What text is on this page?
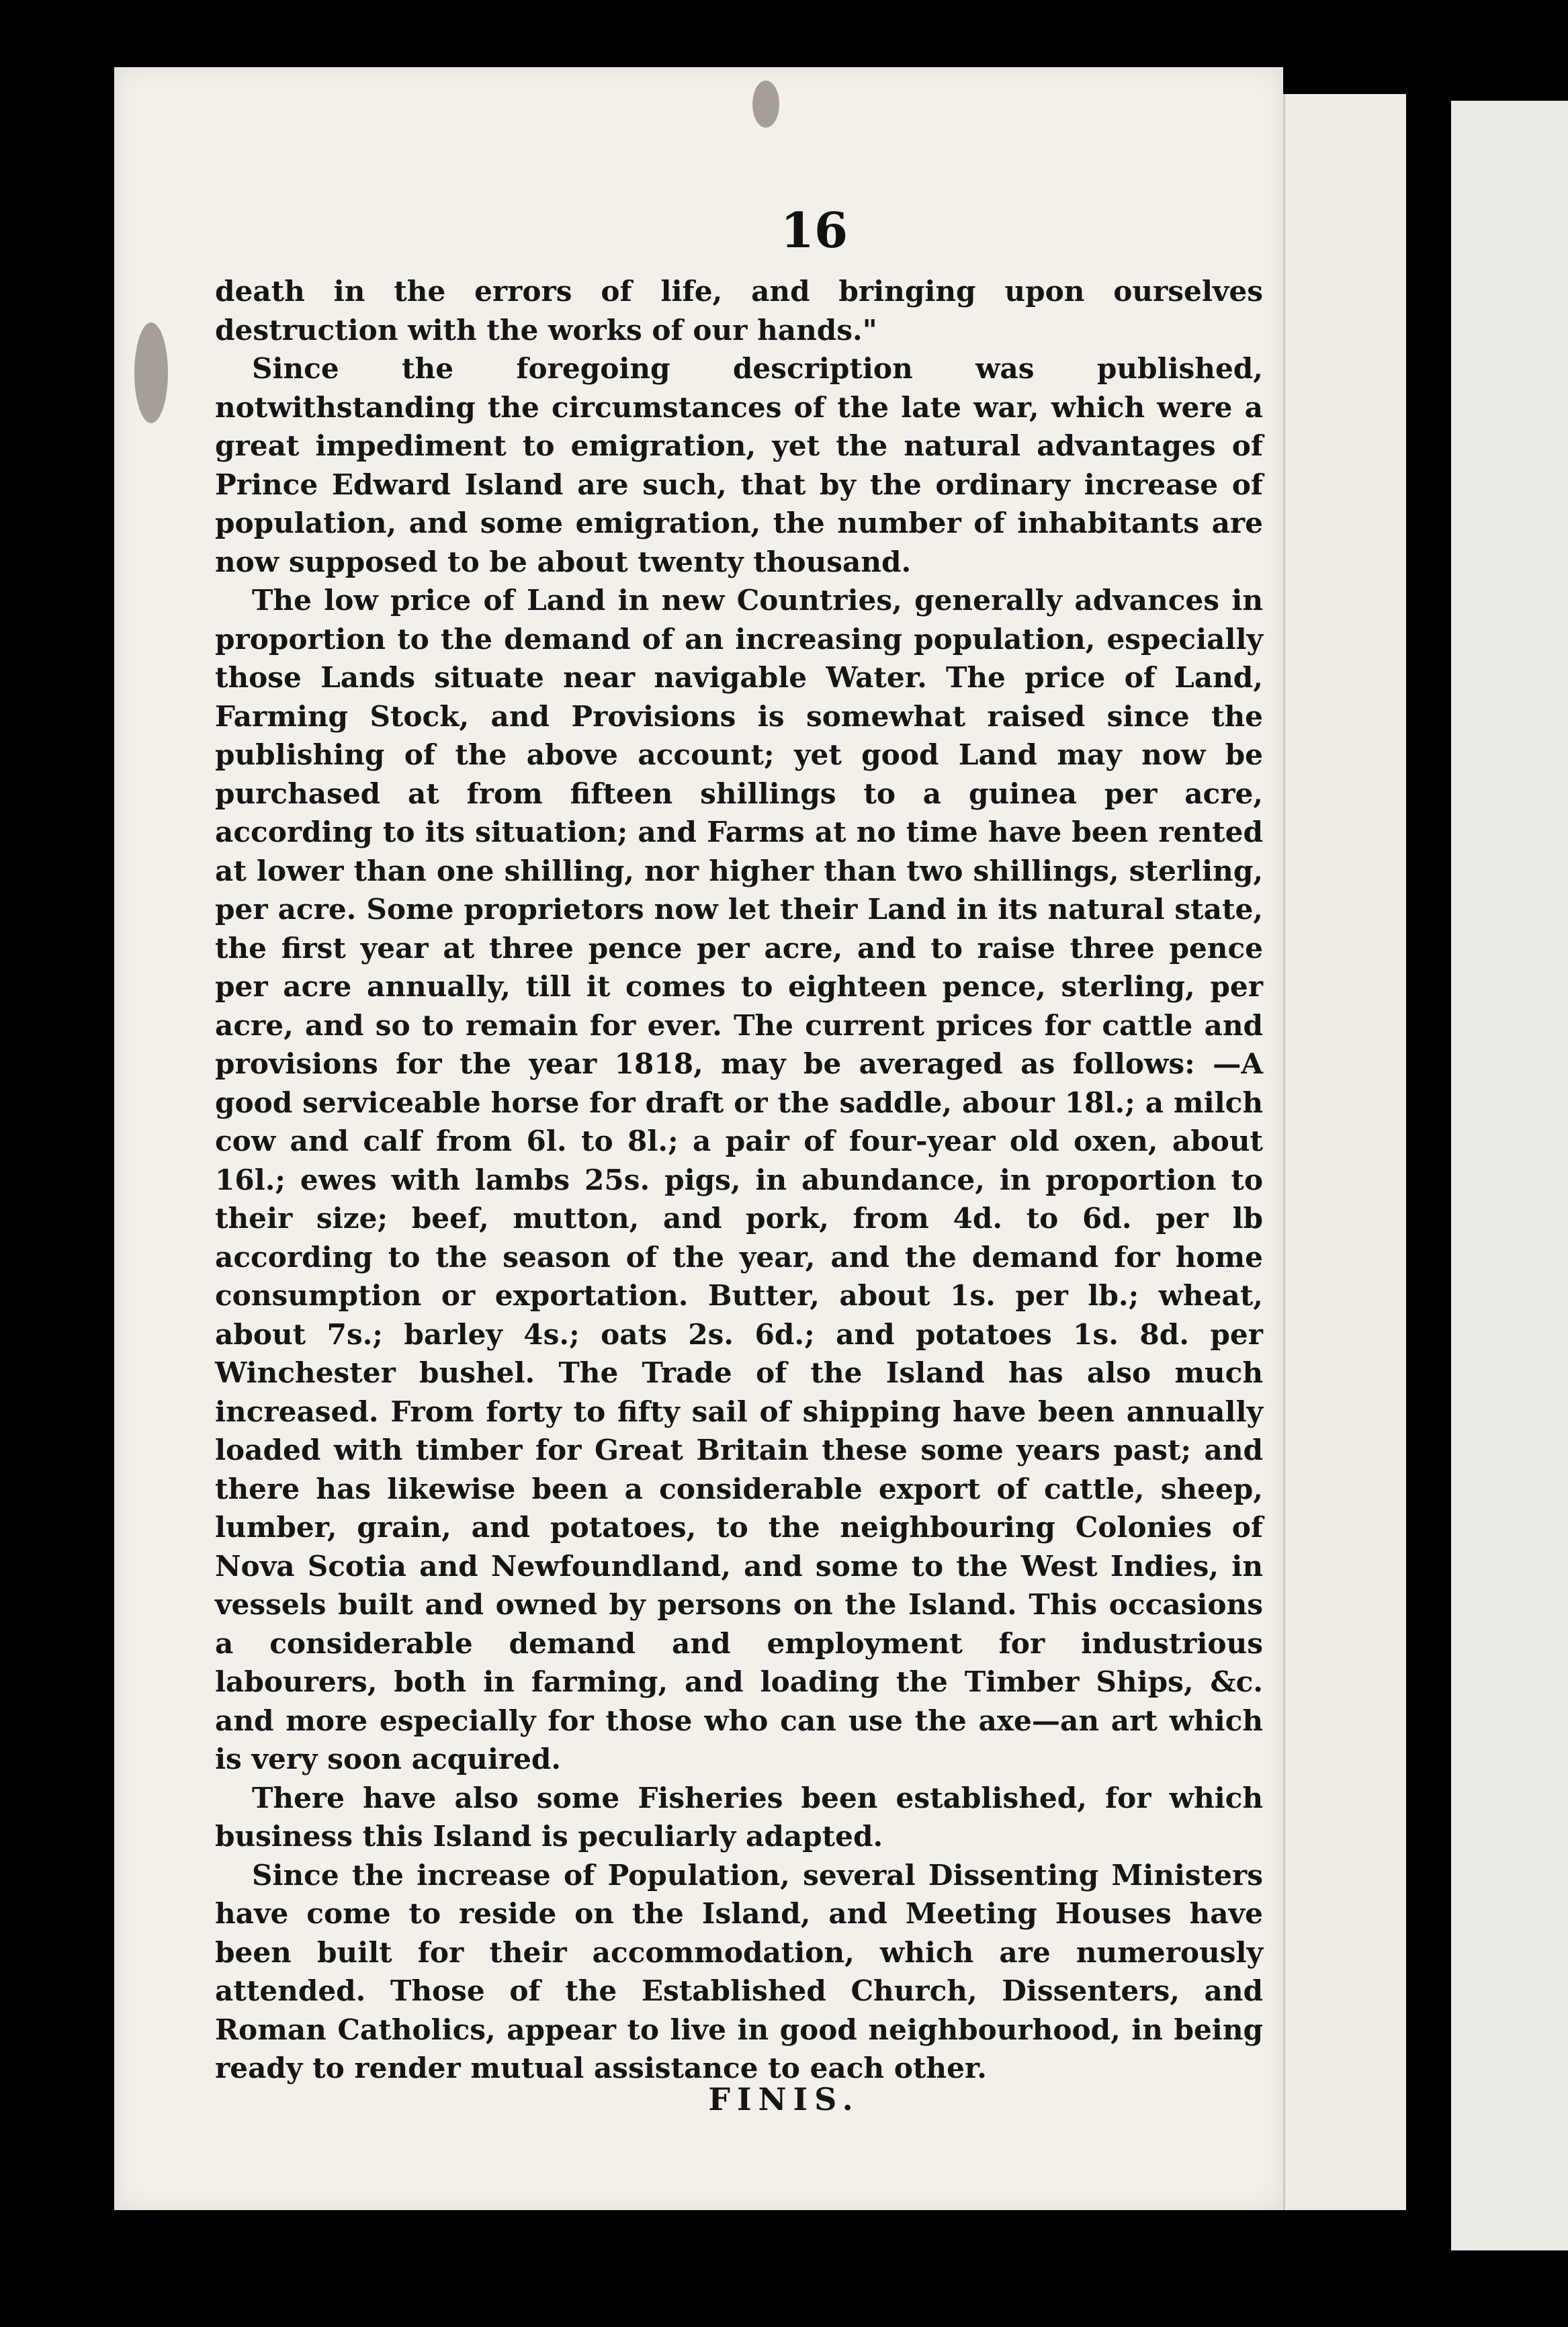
16

death in the errors of life, and bringing upon ourselves destruction with the works of our hands."

Since the foregoing description was published, notwithstanding the circumstances of the late war, which were a great impediment to emigration, yet the natural advantages of Prince Edward Island are such, that by the ordinary increase of population, and some emigration, the number of inhabitants are now supposed to be about twenty thousand.

The low price of Land in new Countries, generally advances in proportion to the demand of an increasing population, especially those Lands situate near navigable Water. The price of Land, Farming Stock, and Provisions is somewhat raised since the publishing of the above account; yet good Land may now be purchased at from fifteen shillings to a guinea per acre, according to its situation; and Farms at no time have been rented at lower than one shilling, nor higher than two shillings, sterling, per acre. Some proprietors now let their Land in its natural state, the first year at three pence per acre, and to raise three pence per acre annually, till it comes to eighteen pence, sterling, per acre, and so to remain for ever. The current prices for cattle and provisions for the year 1818, may be averaged as follows: —A good serviceable horse for draft or the saddle, abour 18l.; a milch cow and calf from 6l. to 8l.; a pair of four-year old oxen, about 16l.; ewes with lambs 25s. pigs, in abundance, in proportion to their size; beef, mutton, and pork, from 4d. to 6d. per lb according to the season of the year, and the demand for home consumption or exportation. Butter, about 1s. per lb.; wheat, about 7s.; barley 4s.; oats 2s. 6d.; and potatoes 1s. 8d. per Winchester bushel. The Trade of the Island has also much increased. From forty to fifty sail of shipping have been annually loaded with timber for Great Britain these some years past; and there has likewise been a considerable export of cattle, sheep, lumber, grain, and potatoes, to the neighbouring Colonies of Nova Scotia and Newfoundland, and some to the West Indies, in vessels built and owned by persons on the Island. This occasions a considerable demand and employment for industrious labourers, both in farming, and loading the Timber Ships, &c. and more especially for those who can use the axe—an art which is very soon acquired.

There have also some Fisheries been established, for which business this Island is peculiarly adapted.

Since the increase of Population, several Dissenting Ministers have come to reside on the Island, and Meeting Houses have been built for their accommodation, which are numerously attended. Those of the Established Church, Dissenters, and Roman Catholics, appear to live in good neighbourhood, in being ready to render mutual assistance to each other.

FINIS.
